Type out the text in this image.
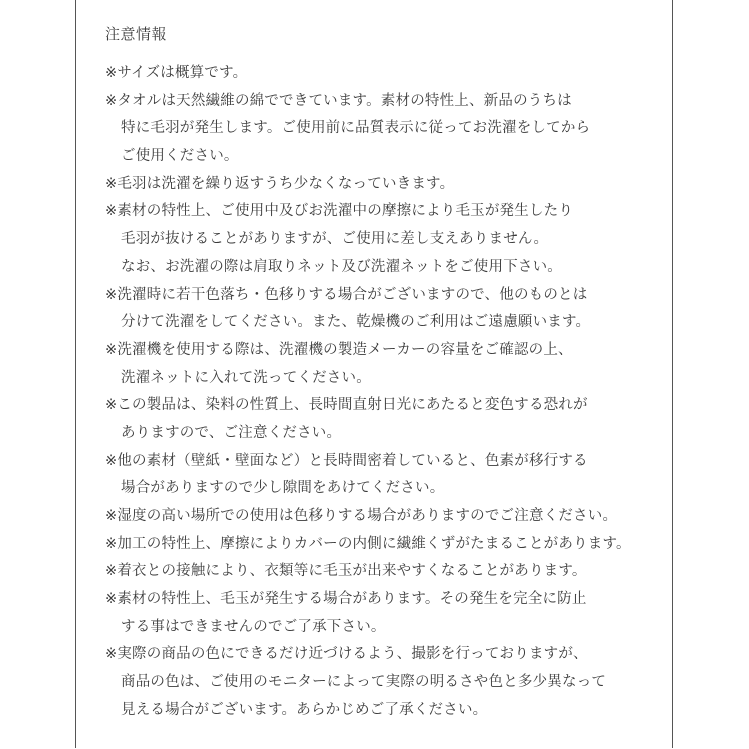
注意情報
※サイズは概算です。
※タオルは天然繊維の綿でできています。素材の特性上、新品のうちは
特に毛羽が発生します。ご使用前に品質表示に従ってお洗濯をしてから
ご使用ください。
※毛羽は洗濯を繰り返すうち少なくなっていきます。
※素材の特性上、ご使用中及びお洗濯中の摩擦により毛玉が発生したり
毛羽が抜けることがありますが、ご使用に差し支えありません。
なお、お洗濯の際は肩取りネット及び洗濯ネットをご使用下さい。
※洗濯時に若干色落ち・色移りする場合がございますので、他のものとは
分けて洗濯をしてください。また、乾燥機のご利用はご遠慮願います。
※洗濯機を使用する際は、洗濯機の製造メーカーの容量をご確認の上、
洗濯ネットに入れて洗ってください。
※この製品は、染料の性質上、長時間直射日光にあたると変色する恐れが
ありますので、ご注意ください。
※他の素材（壁紙・壁面など）と長時間密着していると、色素が移行する
場合がありますので少し隙間をあけてください。
※湿度の高い場所での使用は色移りする場合がありますのでご注意ください。
※加工の特性上、摩擦によりカバーの内側に繊維くずがたまることがあります。
※着衣との接触により、衣類等に毛玉が出来やすくなることがあります。
※素材の特性上、毛玉が発生する場合があります。その発生を完全に防止
する事はできませんのでご了承下さい。
※実際の商品の色にできるだけ近づけるよう、撮影を行っておりますが、
商品の色は、ご使用のモニターによって実際の明るさや色と多少異なって
見える場合がございます。あらかじめご了承ください。
